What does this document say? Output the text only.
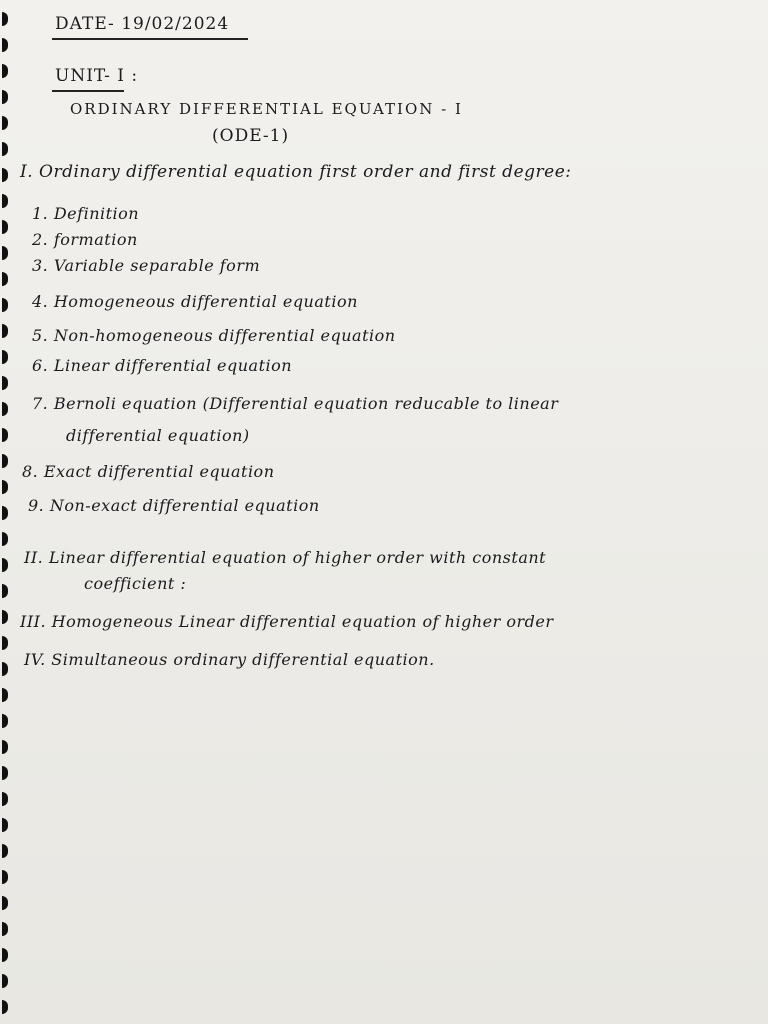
DATE- 19/02/2024
UNIT- I :
ORDINARY DIFFERENTIAL EQUATION - I
(ODE-1)
I. Ordinary differential equation first order and first degree:
1. Definition
2. formation
3. Variable separable form
4. Homogeneous differential equation
5. Non-homogeneous differential equation
6. Linear differential equation
7. Bernoli equation (Differential equation reducable to linear
differential equation)
8. Exact differential equation
9. Non-exact differential equation
II. Linear differential equation of higher order with constant
coefficient :
III. Homogeneous Linear differential equation of higher order
IV. Simultaneous ordinary differential equation.
